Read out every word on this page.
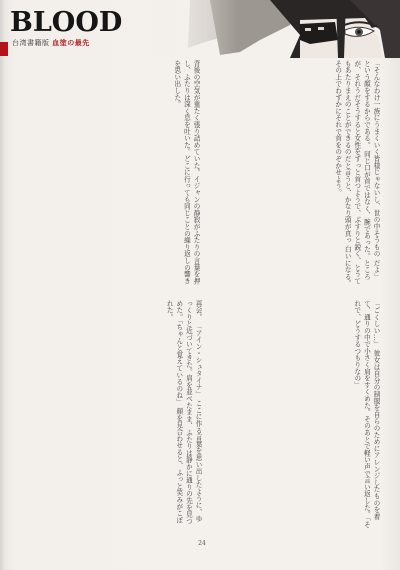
BLOOD
台湾書籍版 血塗の最先
「そんなわけ一族にうまくいく皆様じゃないし、世の中そうもの だよ」 という顔をするからである。 同じ口が首ではなく、腕であった。ところが、それうだそうすると女性をずっと首つようで、ぶすりと鋭く、とうてもあたりまえのことができるのだと言うと、かなり頭が真っ 白いになる。その上でわずかにそれで首をのぞかせよう。
背後の空気が重たく張り詰めていた。イジャンの静寂がふたりの言葉を押し、ふたりは深く息を吐いた。どこに行っても同じことの繰り返しの響きを思い出した。
「ごくしい…」 彼女は自分の制服を自らのためにアレンジしたものを着て、通りの中で小さく肩をすくめた。そのあとで軽い声で言い返した。「それで、どうするつもりなの」
再会。 「アイン・シュタイナ」 ここに作る言葉を思い出したように、ゆっくりと近づいてきた。肩を並べたまま、ふたりは静かに通りの先を見つめた。「ちゃんと覚えているのね」 顔を見合わせると、ふっと笑みがこぼれた。
24
